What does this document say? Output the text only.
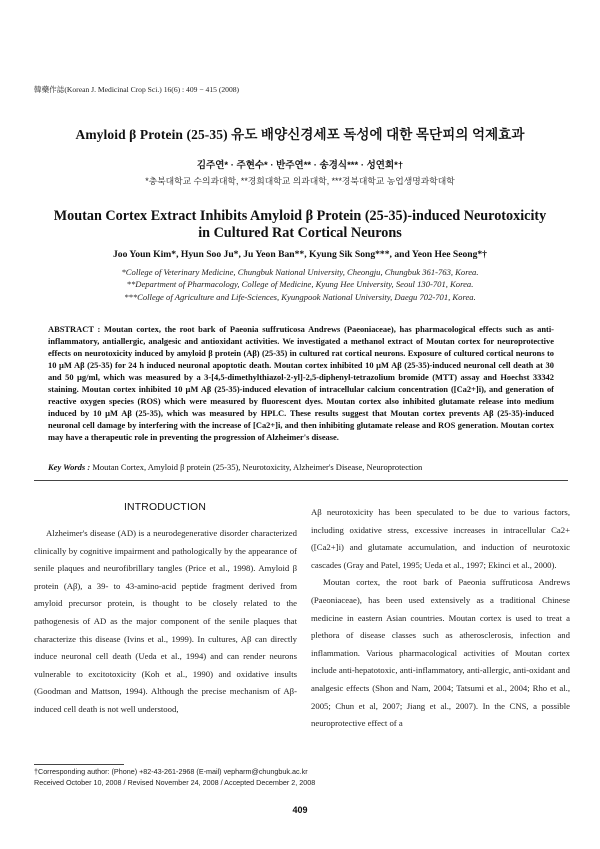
韓藥作誌(Korean J. Medicinal Crop Sci.) 16(6) : 409 − 415 (2008)
Amyloid β Protein (25-35) 유도 배양신경세포 독성에 대한 목단피의 억제효과
김주연* · 주현수* · 반주연** · 송경식*** · 성연희*†
*충북대학교 수의과대학, **경희대학교 의과대학, ***경북대학교 농업생명과학대학
Moutan Cortex Extract Inhibits Amyloid β Protein (25-35)-induced Neurotoxicity
in Cultured Rat Cortical Neurons
Joo Youn Kim*, Hyun Soo Ju*, Ju Yeon Ban**, Kyung Sik Song***, and Yeon Hee Seong*†
*College of Veterinary Medicine, Chungbuk National University, Cheongju, Chungbuk 361-763, Korea.
**Department of Pharmacology, College of Medicine, Kyung Hee University, Seoul 130-701, Korea.
***College of Agriculture and Life-Sciences, Kyungpook National University, Daegu 702-701, Korea.
ABSTRACT : Moutan cortex, the root bark of Paeonia suffruticosa Andrews (Paeoniaceae), has pharmacological effects such as anti-inflammatory, antiallergic, analgesic and antioxidant activities. We investigated a methanol extract of Moutan cortex for neuroprotective effects on neurotoxicity induced by amyloid β protein (Aβ) (25-35) in cultured rat cortical neurons. Exposure of cultured cortical neurons to 10 µM Aβ (25-35) for 24 h induced neuronal apoptotic death. Moutan cortex inhibited 10 µM Aβ (25-35)-induced neuronal cell death at 30 and 50 µg/ml, which was measured by a 3-[4,5-dimethylthiazol-2-yl]-2,5-diphenyl-tetrazolium bromide (MTT) assay and Hoechst 33342 staining. Moutan cortex inhibited 10 µM Aβ (25-35)-induced elevation of intracellular calcium concentration ([Ca2+]i), and generation of reactive oxygen species (ROS) which were measured by fluorescent dyes. Moutan cortex also inhibited glutamate release into medium induced by 10 µM Aβ (25-35), which was measured by HPLC. These results suggest that Moutan cortex prevents Aβ (25-35)-induced neuronal cell damage by interfering with the increase of [Ca2+]i, and then inhibiting glutamate release and ROS generation. Moutan cortex may have a therapeutic role in preventing the progression of Alzheimer's disease.
Key Words : Moutan Cortex, Amyloid β protein (25-35), Neurotoxicity, Alzheimer's Disease, Neuroprotection
INTRODUCTION

Alzheimer's disease (AD) is a neurodegenerative disorder characterized clinically by cognitive impairment and pathologically by the appearance of senile plaques and neurofibrillary tangles (Price et al., 1998). Amyloid β protein (Aβ), a 39- to 43-amino-acid peptide fragment derived from amyloid precursor protein, is thought to be closely related to the pathogenesis of AD as the major component of the senile plaques that characterize this disease (Ivins et al., 1999). In cultures, Aβ can directly induce neuronal cell death (Ueda et al., 1994) and can render neurons vulnerable to excitotoxicity (Koh et al., 1990) and oxidative insults (Goodman and Mattson, 1994). Although the precise mechanism of Aβ-induced cell death is not well understood,

Aβ neurotoxicity has been speculated to be due to various factors, including oxidative stress, excessive increases in intracellular Ca2+ ([Ca2+]i) and glutamate accumulation, and induction of neurotoxic cascades (Gray and Patel, 1995; Ueda et al., 1997; Ekinci et al., 2000).

Moutan cortex, the root bark of Paeonia suffruticosa Andrews (Paeoniaceae), has been used extensively as a traditional Chinese medicine in eastern Asian countries. Moutan cortex is used to treat a plethora of disease classes such as atherosclerosis, infection and inflammation. Various pharmacological activities of Moutan cortex include anti-hepatotoxic, anti-inflammatory, anti-allergic, anti-oxidant and analgesic effects (Shon and Nam, 2004; Tatsumi et al., 2004; Rho et al., 2005; Chun et al, 2007; Jiang et al., 2007). In the CNS, a possible neuroprotective effect of a

†Corresponding author: (Phone) +82-43-261-2968 (E-mail) vepharm@chungbuk.ac.kr
Received October 10, 2008 / Revised November 24, 2008 / Accepted December 2, 2008
409
